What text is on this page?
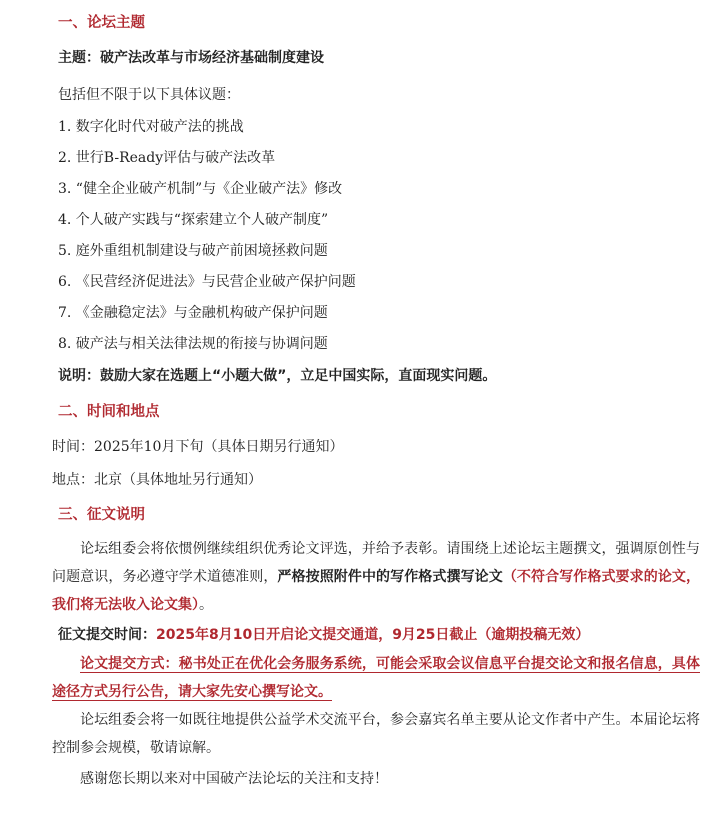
一、论坛主题
主题：破产法改革与市场经济基础制度建设
包括但不限于以下具体议题：
1. 数字化时代对破产法的挑战
2. 世行B-Ready评估与破产法改革
3. “健全企业破产机制”与《企业破产法》修改
4. 个人破产实践与“探索建立个人破产制度”
5. 庭外重组机制建设与破产前困境拯救问题
6. 《民营经济促进法》与民营企业破产保护问题
7. 《金融稳定法》与金融机构破产保护问题
8. 破产法与相关法律法规的衔接与协调问题
说明：鼓励大家在选题上“小题大做”，立足中国实际，直面现实问题。
二、时间和地点
时间：2025年10月下旬（具体日期另行通知）
地点：北京（具体地址另行通知）
三、征文说明
论坛组委会将依惯例继续组织优秀论文评选，并给予表彰。请围绕上述论坛主题撰文，强调原创性与问题意识，务必遵守学术道德准则，严格按照附件中的写作格式撰写论文（不符合写作格式要求的论文，我们将无法收入论文集）。
征文提交时间：2025年8月10日开启论文提交通道，9月25日截止（逾期投稿无效）
论文提交方式：秘书处正在优化会务服务系统，可能会采取会议信息平台提交论文和报名信息，具体途径方式另行公告，请大家先安心撰写论文。
论坛组委会将一如既往地提供公益学术交流平台，参会嘉宾名单主要从论文作者中产生。本届论坛将控制参会规模，敬请谅解。
感谢您长期以来对中国破产法论坛的关注和支持！
